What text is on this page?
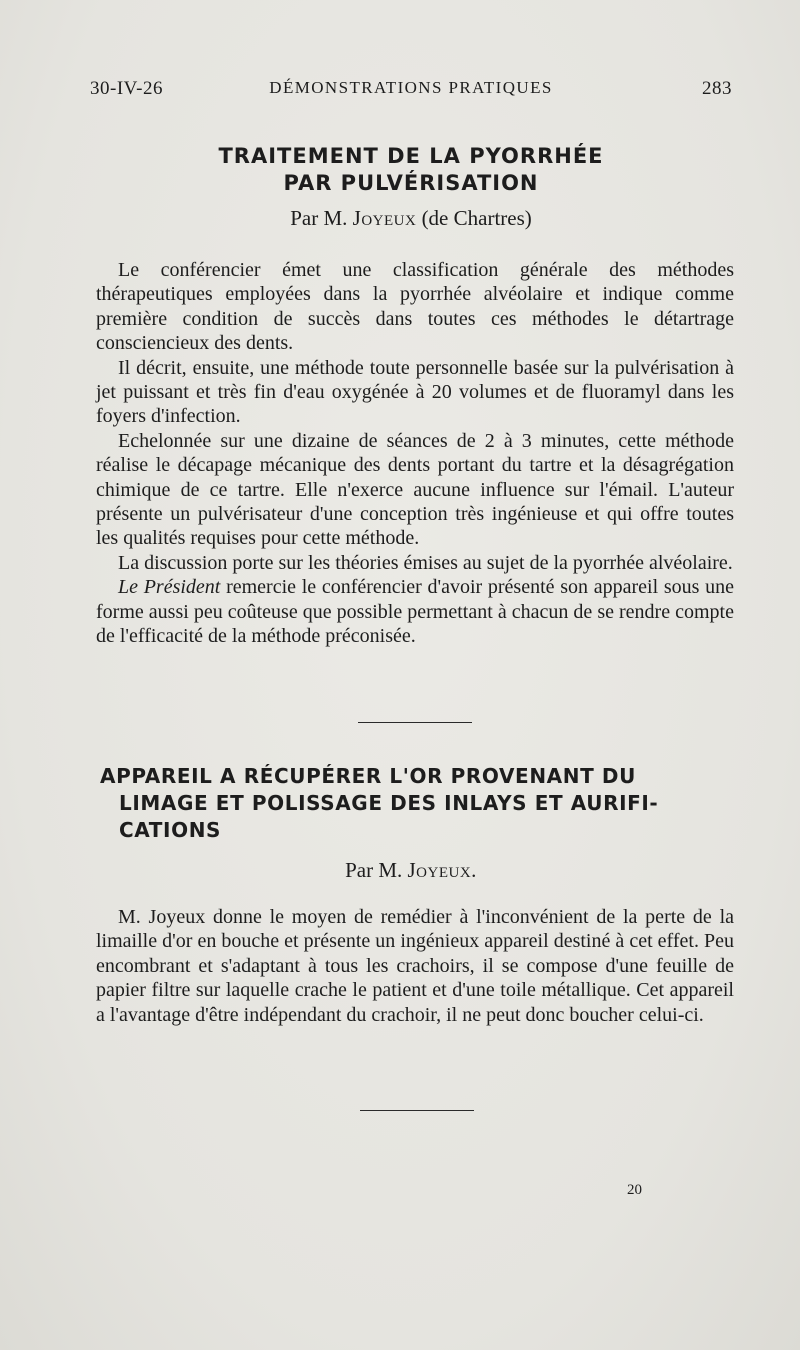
30-IV-26	DÉMONSTRATIONS PRATIQUES	283
TRAITEMENT DE LA PYORRHÉE
PAR PULVÉRISATION
Par M. Joyeux (de Chartres)

Le conférencier émet une classification générale des méthodes thérapeutiques employées dans la pyorrhée alvéolaire et indique comme première condition de succès dans toutes ces méthodes le détartrage consciencieux des dents.

Il décrit, ensuite, une méthode toute personnelle basée sur la pulvérisation à jet puissant et très fin d'eau oxygénée à 20 volumes et de fluoramyl dans les foyers d'infection.

Echelonnée sur une dizaine de séances de 2 à 3 minutes, cette méthode réalise le décapage mécanique des dents portant du tartre et la désagrégation chimique de ce tartre. Elle n'exerce aucune influence sur l'émail. L'auteur présente un pulvérisateur d'une conception très ingénieuse et qui offre toutes les qualités requises pour cette méthode.

La discussion porte sur les théories émises au sujet de la pyorrhée alvéolaire.

Le Président remercie le conférencier d'avoir présenté son appareil sous une forme aussi peu coûteuse que possible permettant à chacun de se rendre compte de l'efficacité de la méthode préconisée.

APPAREIL A RÉCUPÉRER L'OR PROVENANT DU
LIMAGE ET POLISSAGE DES INLAYS ET AURIFI-
CATIONS
Par M. Joyeux.

M. Joyeux donne le moyen de remédier à l'inconvénient de la perte de la limaille d'or en bouche et présente un ingénieux appareil destiné à cet effet. Peu encombrant et s'adaptant à tous les crachoirs, il se compose d'une feuille de papier filtre sur laquelle crache le patient et d'une toile métallique. Cet appareil a l'avantage d'être indépendant du crachoir, il ne peut donc boucher celui-ci.

20
